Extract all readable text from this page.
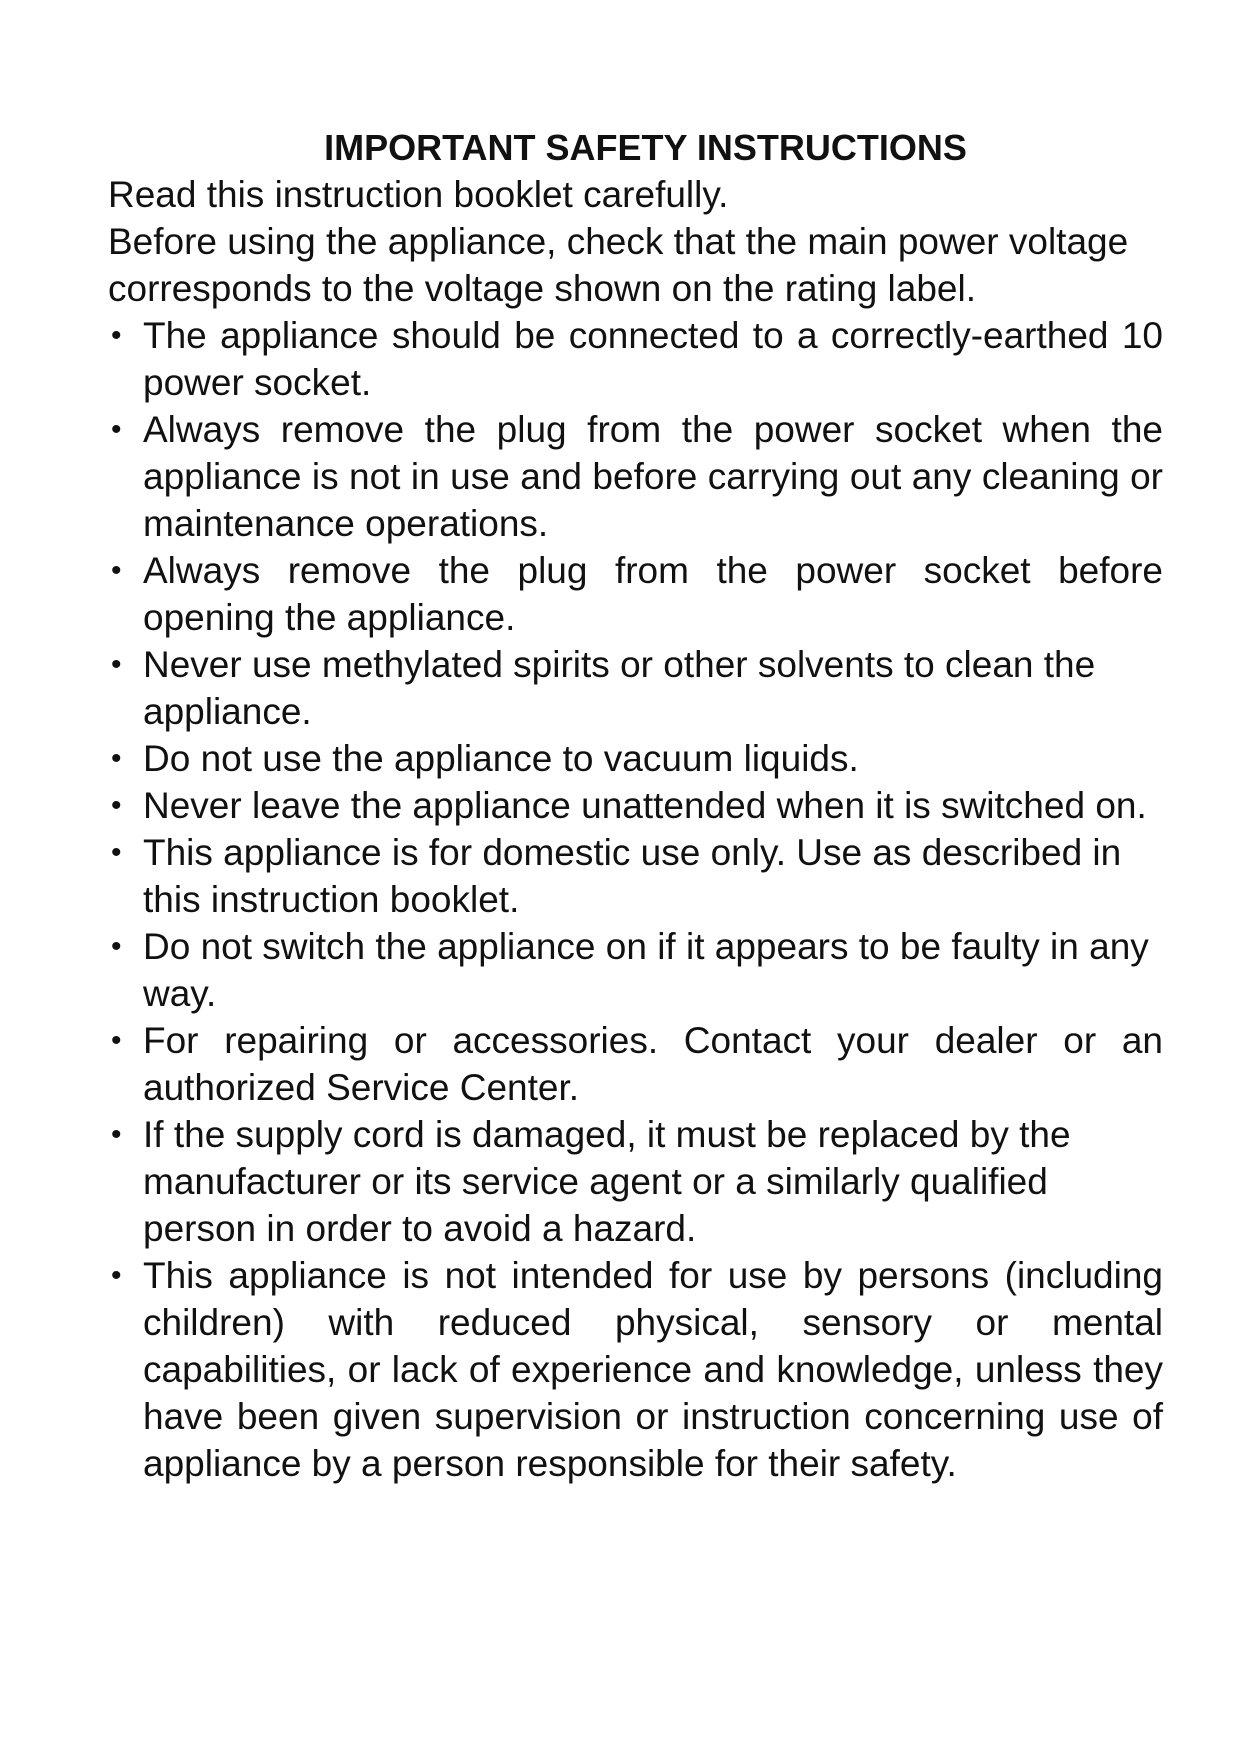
IMPORTANT SAFETY INSTRUCTIONS

Read this instruction booklet carefully.

Before using the appliance, check that the main power voltage corresponds to the voltage shown on the rating label.

• The appliance should be connected to a correctly-earthed 10 power socket.
• Always remove the plug from the power socket when the appliance is not in use and before carrying out any cleaning or maintenance operations.
• Always remove the plug from the power socket before opening the appliance.
• Never use methylated spirits or other solvents to clean the appliance.
• Do not use the appliance to vacuum liquids.
• Never leave the appliance unattended when it is switched on.
• This appliance is for domestic use only. Use as described in this instruction booklet.
• Do not switch the appliance on if it appears to be faulty in any way.
• For repairing or accessories. Contact your dealer or an authorized Service Center.
• If the supply cord is damaged, it must be replaced by the manufacturer or its service agent or a similarly qualified person in order to avoid a hazard.
• This appliance is not intended for use by persons (including children) with reduced physical, sensory or mental capabilities, or lack of experience and knowledge, unless they have been given supervision or instruction concerning use of appliance by a person responsible for their safety.
